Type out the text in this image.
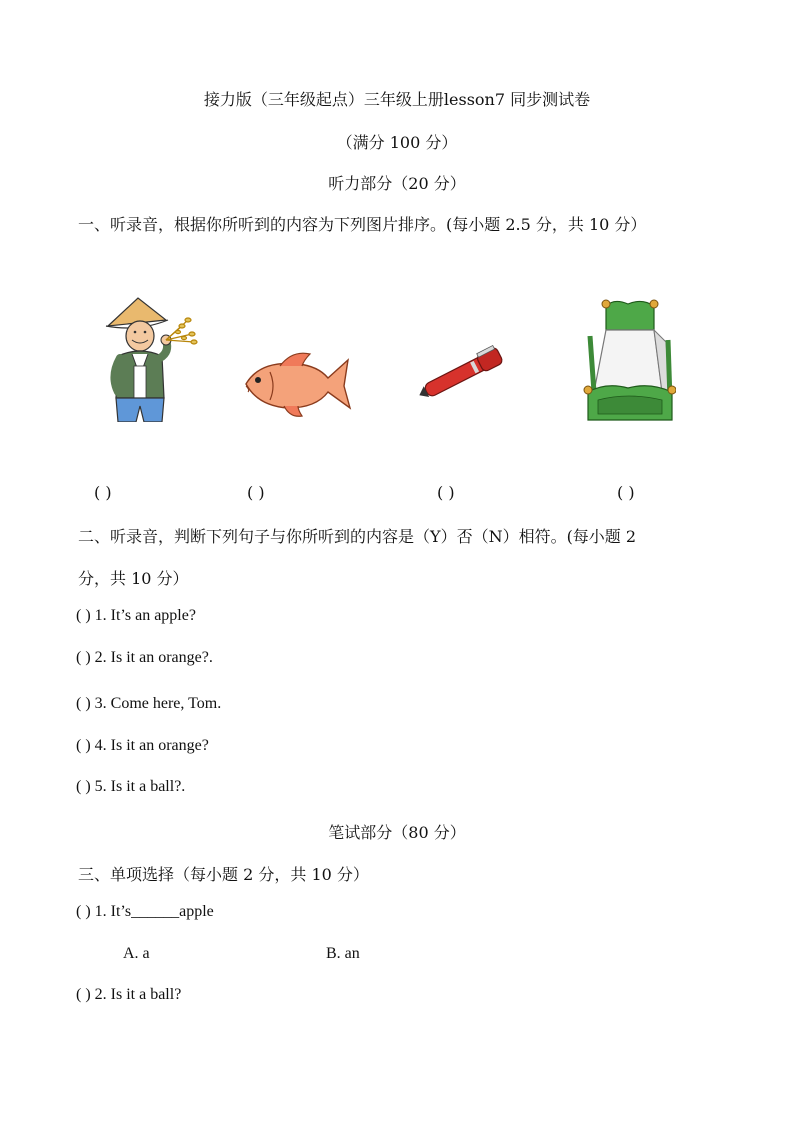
接力版（三年级起点）三年级上册lesson7 同步测试卷
（满分 100 分）
听力部分（20 分）
一、听录音，根据你所听到的内容为下列图片排序。(每小题 2.5 分，共 10 分）
( )	( )	( )	( )
二、听录音，判断下列句子与你所听到的内容是（Y）否（N）相符。(每小题 2
分，共 10 分）
( ) 1. It’s an apple?
( ) 2. Is it an orange?.
( ) 3. Come here, Tom.
( ) 4. Is it an orange?
( ) 5. Is it a ball?.
笔试部分（80 分）
三、单项选择（每小题 2 分，共 10 分）
( ) 1. It’s______apple
A. a	B. an
( ) 2. Is it a ball?
